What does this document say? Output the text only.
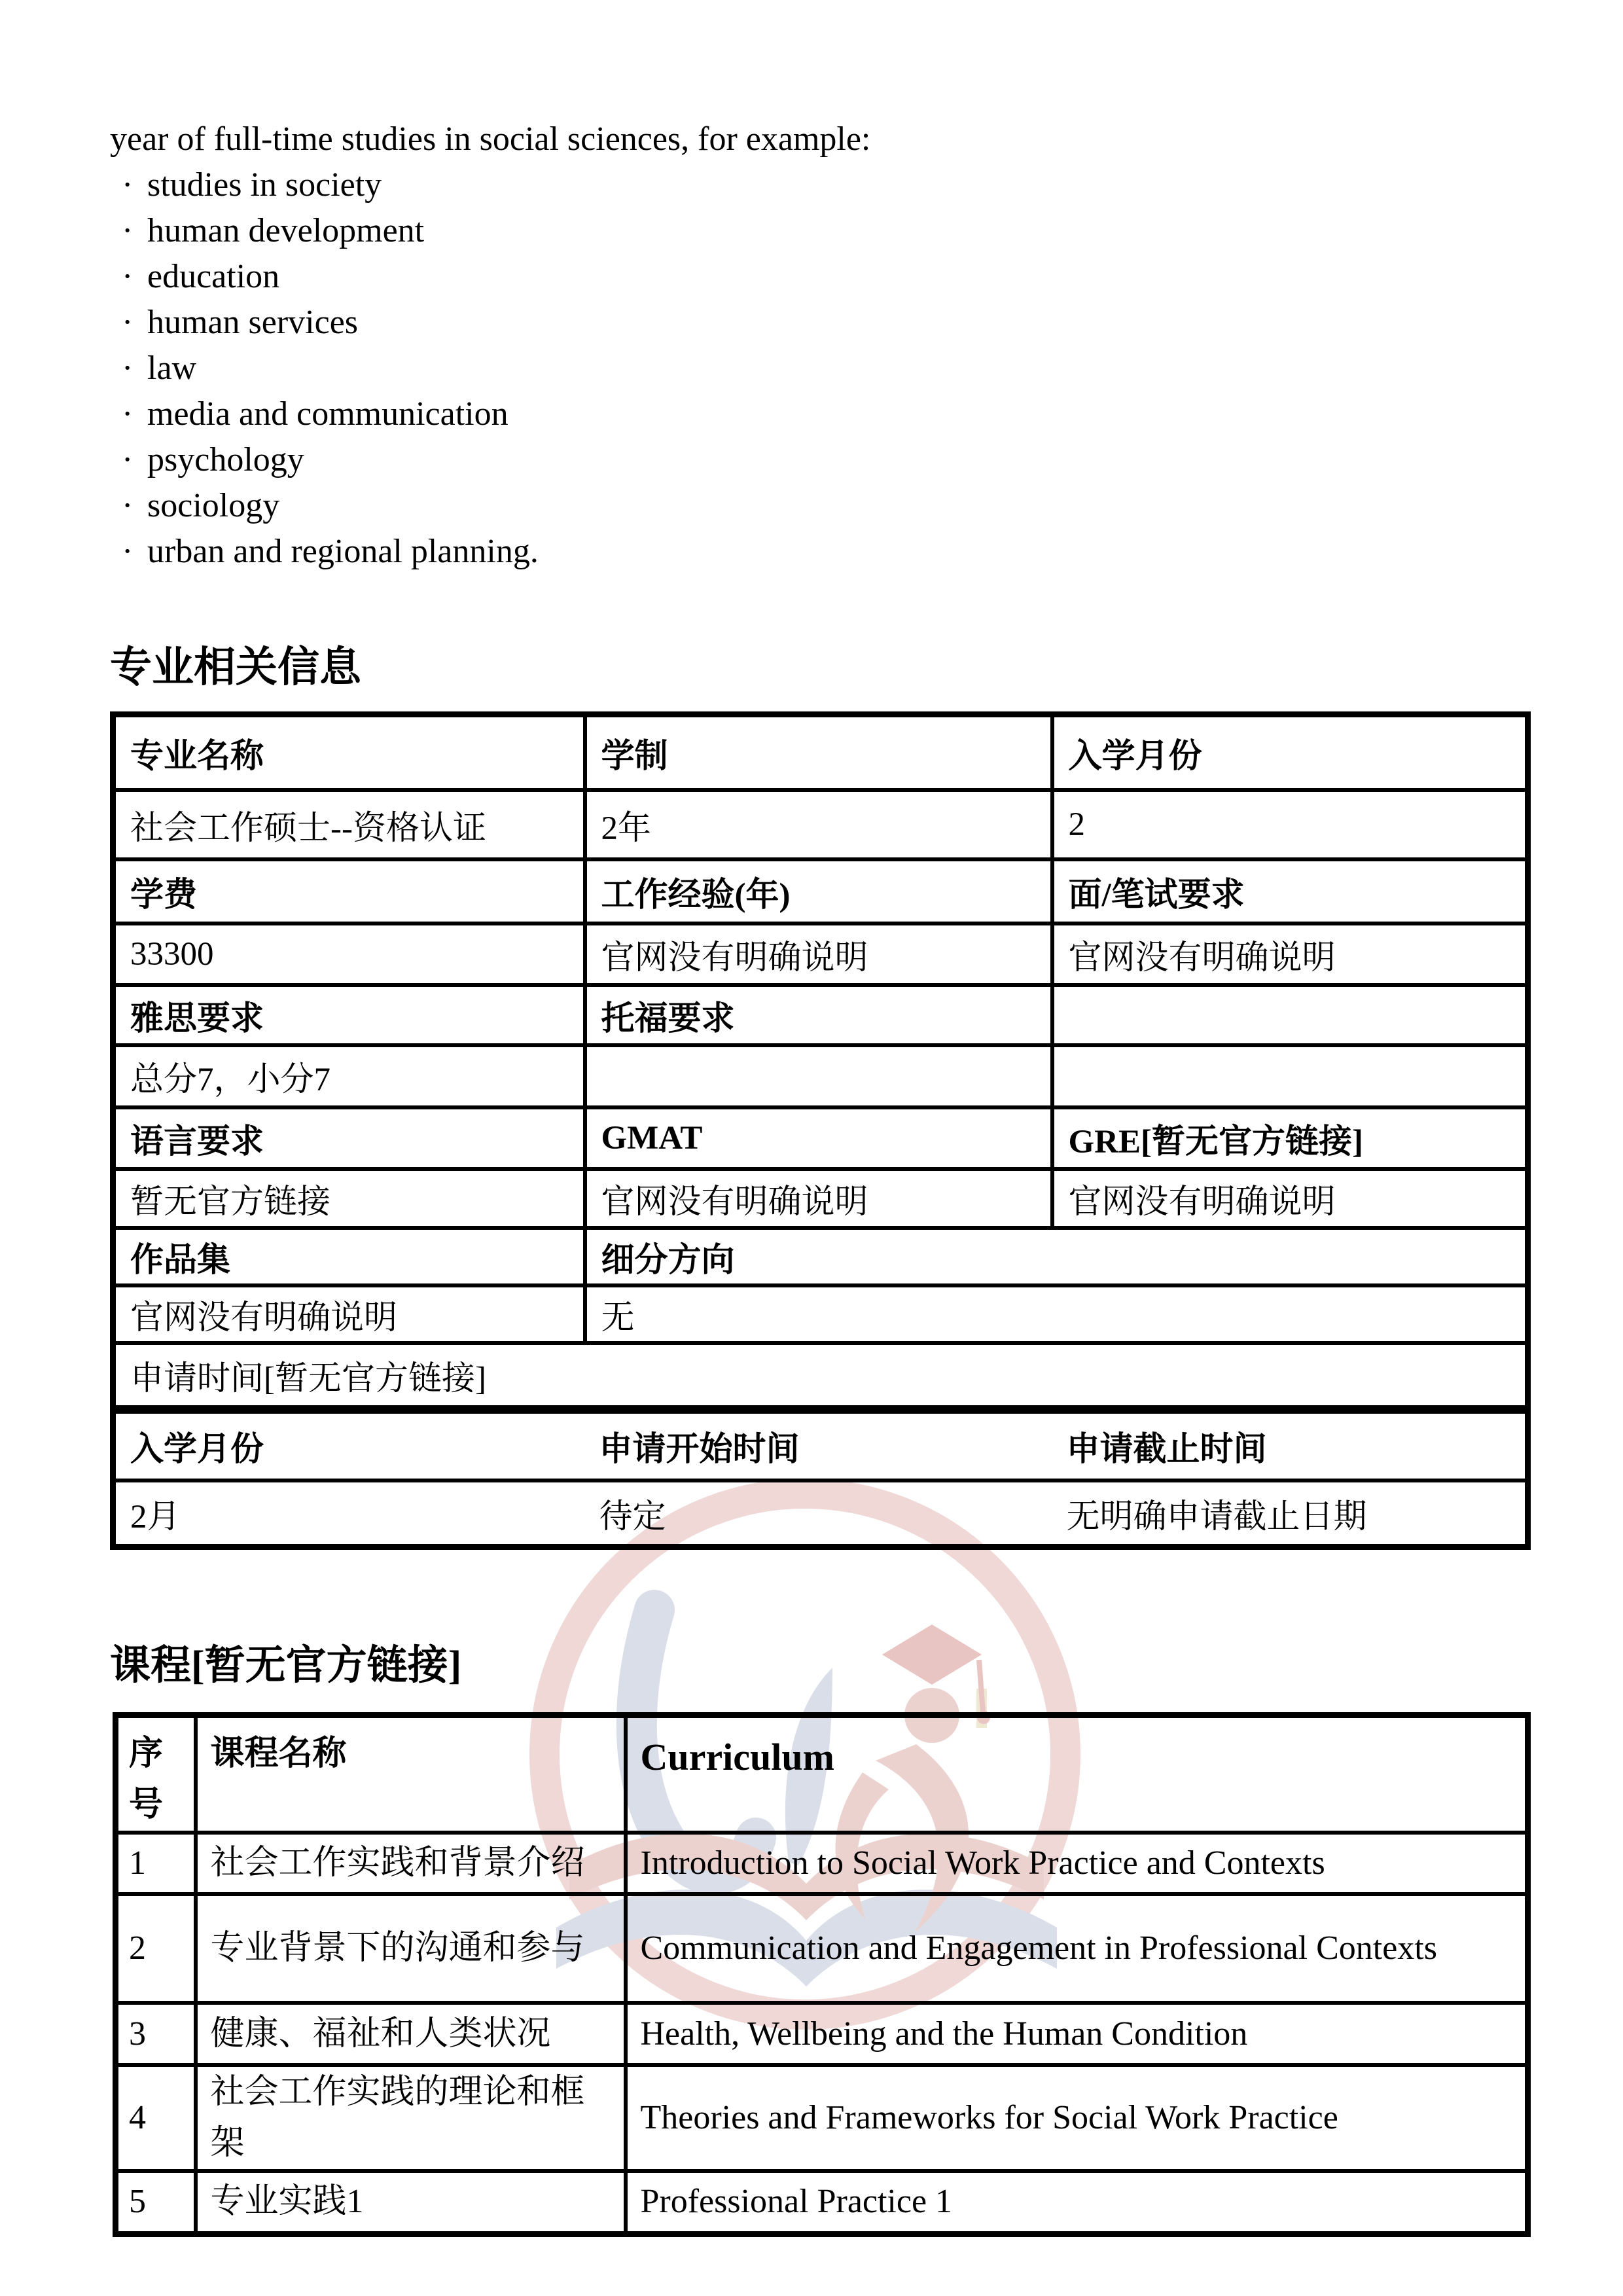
year of full-time studies in social sciences, for example:
· studies in society
· human development
· education
· human services
· law
· media and communication
· psychology
· sociology
· urban and regional planning.
专业相关信息
专业名称	学制	入学月份
社会工作硕士--资格认证	2年	2
学费	工作经验(年)	面/笔试要求
33300	官网没有明确说明	官网没有明确说明
雅思要求	托福要求	
总分7，小分7		
语言要求	GMAT	GRE[暂无官方链接]
暂无官方链接	官网没有明确说明	官网没有明确说明
作品集	细分方向	
官网没有明确说明	无	
申请时间[暂无官方链接]		
入学月份	申请开始时间	申请截止时间
2月	待定	无明确申请截止日期
课程[暂无官方链接]
序号	课程名称	Curriculum
1	社会工作实践和背景介绍	Introduction to Social Work Practice and Contexts
2	专业背景下的沟通和参与	Communication and Engagement in Professional Contexts
3	健康、福祉和人类状况	Health, Wellbeing and the Human Condition
4	社会工作实践的理论和框架	Theories and Frameworks for Social Work Practice
5	专业实践1	Professional Practice 1
